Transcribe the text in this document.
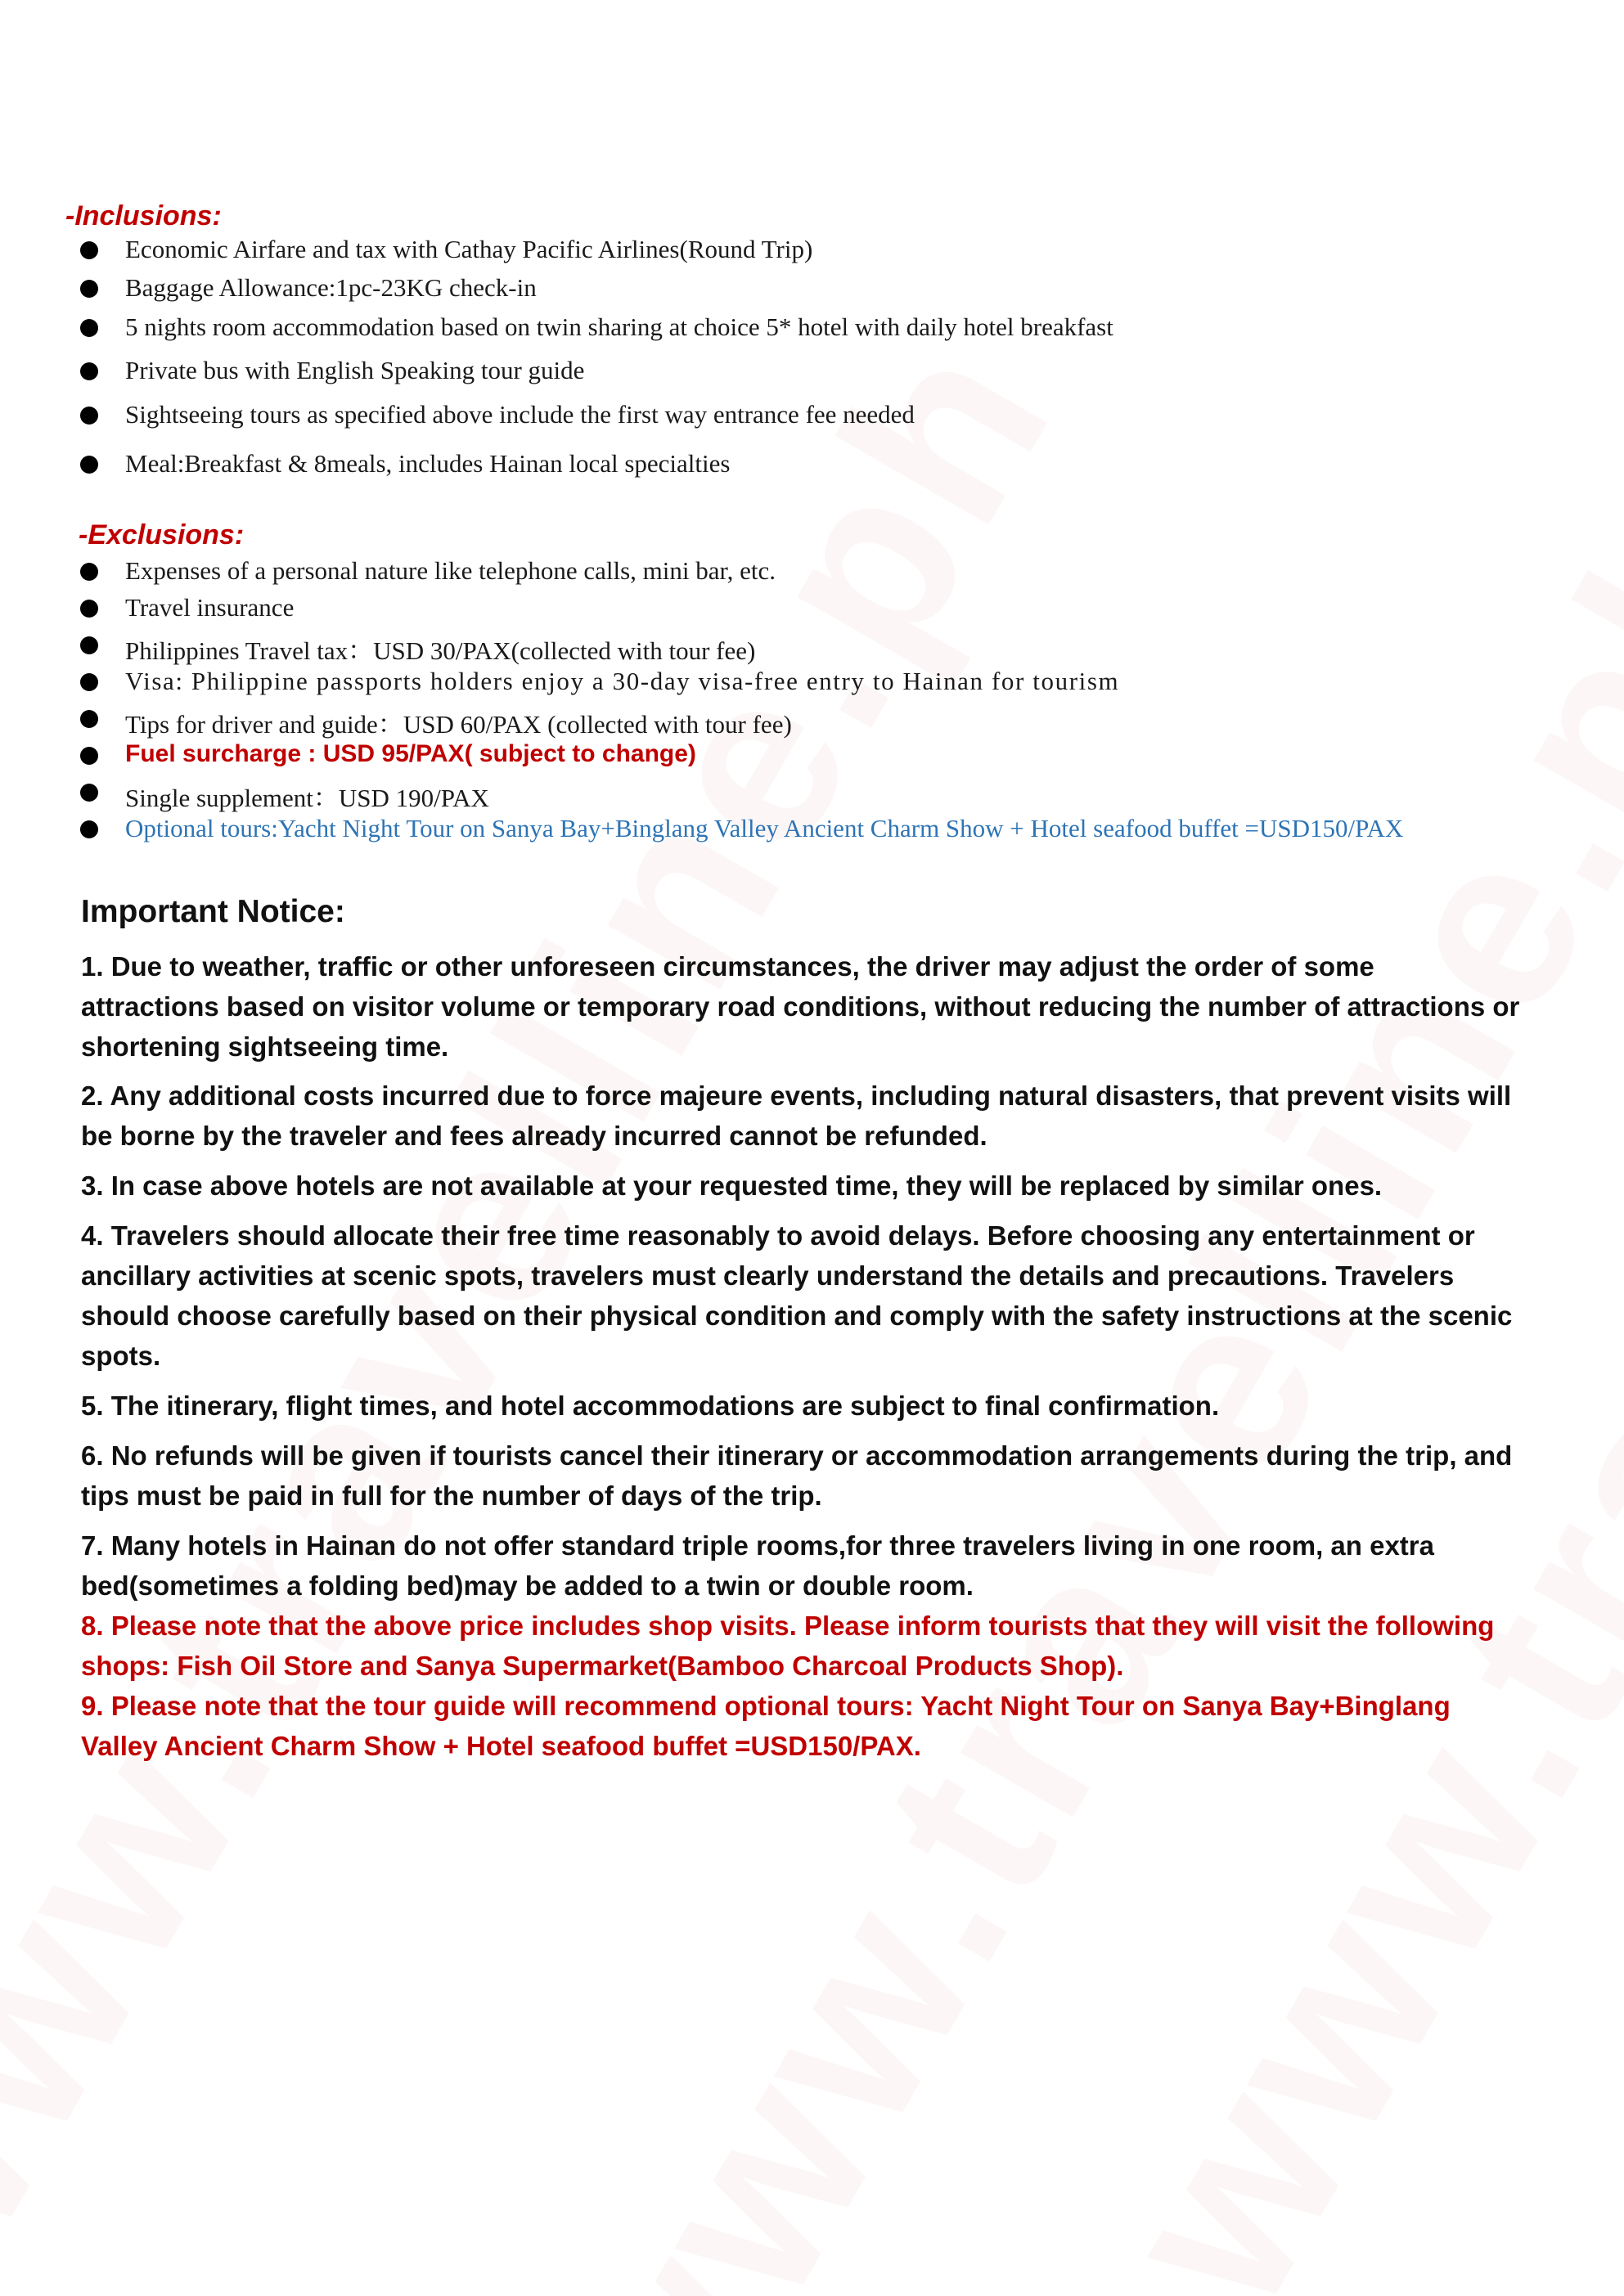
-Inclusions:
Economic Airfare and tax with Cathay Pacific Airlines(Round Trip)
Baggage Allowance:1pc-23KG check-in
5 nights room accommodation based on twin sharing at choice 5* hotel with daily hotel breakfast
Private bus with English Speaking tour guide
Sightseeing tours as specified above include the first way entrance fee needed
Meal:Breakfast & 8meals, includes Hainan local specialties
-Exclusions:
Expenses of a personal nature like telephone calls, mini bar, etc.
Travel insurance
Philippines Travel tax：USD 30/PAX(collected with tour fee)
Visa: Philippine passports holders enjoy a 30-day visa-free entry to Hainan for tourism
Tips for driver and guide：USD 60/PAX (collected with tour fee)
Fuel surcharge : USD 95/PAX( subject to change)
Single supplement：USD 190/PAX
Optional tours:Yacht Night Tour on Sanya Bay+Binglang Valley Ancient Charm Show + Hotel seafood buffet =USD150/PAX
Important Notice:
1. Due to weather, traffic or other unforeseen circumstances, the driver may adjust the order of some
attractions based on visitor volume or temporary road conditions, without reducing the number of attractions or
shortening sightseeing time.
2. Any additional costs incurred due to force majeure events, including natural disasters, that prevent visits will
be borne by the traveler and fees already incurred cannot be refunded.
3. In case above hotels are not available at your requested time, they will be replaced by similar ones.
4. Travelers should allocate their free time reasonably to avoid delays. Before choosing any entertainment or
ancillary activities at scenic spots, travelers must clearly understand the details and precautions. Travelers
should choose carefully based on their physical condition and comply with the safety instructions at the scenic
spots.
5. The itinerary, flight times, and hotel accommodations are subject to final confirmation.
6. No refunds will be given if tourists cancel their itinerary or accommodation arrangements during the trip, and
tips must be paid in full for the number of days of the trip.
7. Many hotels in Hainan do not offer standard triple rooms,for three travelers living in one room, an extra
bed(sometimes a folding bed)may be added to a twin or double room.
8. Please note that the above price includes shop visits. Please inform tourists that they will visit the following
shops: Fish Oil Store and Sanya Supermarket(Bamboo Charcoal Products Shop).
9. Please note that the tour guide will recommend optional tours: Yacht Night Tour on Sanya Bay+Binglang
Valley Ancient Charm Show + Hotel seafood buffet =USD150/PAX.
